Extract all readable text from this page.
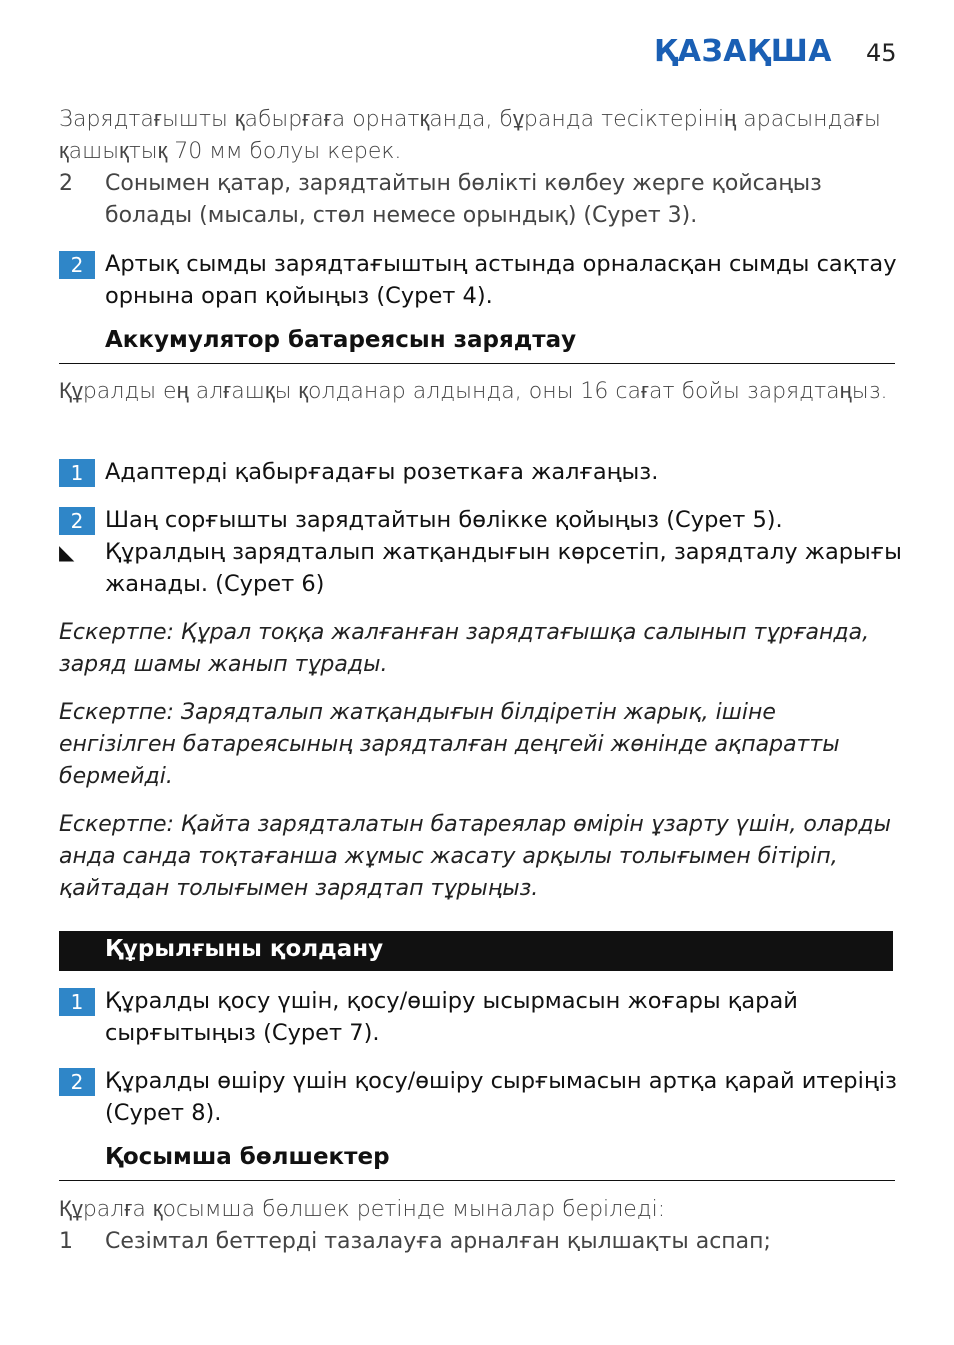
ҚАЗАҚША 45
Зарядтағышты қабырғаға орнатқанда, бұранда тесіктерінің арасындағы қашықтық 70 мм болуы керек.
2	Сонымен қатар, зарядтайтын бөлікті көлбеу жерге қойсаңыз болады (мысалы, стөл немесе орындық) (Сурет 3).
2 Артық сымды зарядтағыштың астында орналасқан сымды сақтау орнына орап қойыңыз (Сурет 4).
Аккумулятор батареясын зарядтау
Құралды ең алғашқы қолданар алдында, оны 16 сағат бойы зарядтаңыз.
1 Адаптерді қабырғадағы розеткаға жалғаңыз.
2 Шаң сорғышты зарядтайтын бөлікке қойыңыз (Сурет 5).
◣ Құралдың зарядталып жатқандығын көрсетіп, зарядталу жарығы жанады. (Сурет 6)
Ескертпе: Құрал тоққа жалғанған зарядтағышқа салынып тұрғанда, заряд шамы жанып тұрады.
Ескертпе: Зарядталып жатқандығын білдіретін жарық, ішіне енгізілген батареясының зарядталған деңгейі жөнінде ақпаратты бермейді.
Ескертпе: Қайта зарядталатын батареялар өмірін ұзарту үшін, оларды анда санда тоқтағанша жұмыс жасату арқылы толығымен бітіріп, қайтадан толығымен зарядтап тұрыңыз.
Құрылғыны қолдану
1 Құралды қосу үшін, қосу/өшіру ысырмасын жоғары қарай сырғытыңыз (Сурет 7).
2 Құралды өшіру үшін қосу/өшіру сырғымасын артқа қарай итеріңіз (Сурет 8).
Қосымша бөлшектер
Құралға қосымша бөлшек ретінде мыналар беріледі:
1	Сезімтал беттерді тазалауға арналған қылшақты аспап;
